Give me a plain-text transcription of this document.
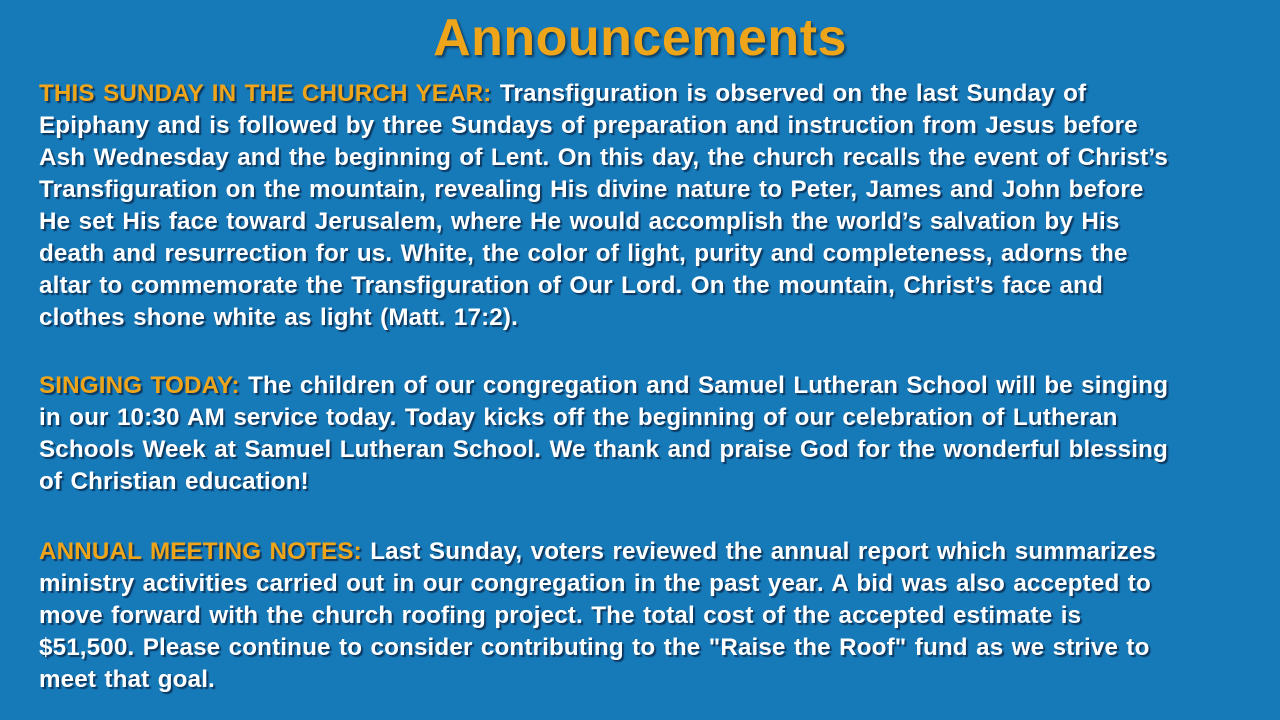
Announcements
THIS SUNDAY IN THE CHURCH YEAR: Transfiguration is observed on the last Sunday of
Epiphany and is followed by three Sundays of preparation and instruction from Jesus before
Ash Wednesday and the beginning of Lent. On this day, the church recalls the event of Christ’s
Transfiguration on the mountain, revealing His divine nature to Peter, James and John before
He set His face toward Jerusalem, where He would accomplish the world’s salvation by His
death and resurrection for us. White, the color of light, purity and completeness, adorns the
altar to commemorate the Transfiguration of Our Lord. On the mountain, Christ’s face and
clothes shone white as light (Matt. 17:2).
SINGING TODAY: The children of our congregation and Samuel Lutheran School will be singing
in our 10:30 AM service today. Today kicks off the beginning of our celebration of Lutheran
Schools Week at Samuel Lutheran School. We thank and praise God for the wonderful blessing
of Christian education!
ANNUAL MEETING NOTES: Last Sunday, voters reviewed the annual report which summarizes
ministry activities carried out in our congregation in the past year. A bid was also accepted to
move forward with the church roofing project. The total cost of the accepted estimate is
$51,500. Please continue to consider contributing to the "Raise the Roof" fund as we strive to
meet that goal.
